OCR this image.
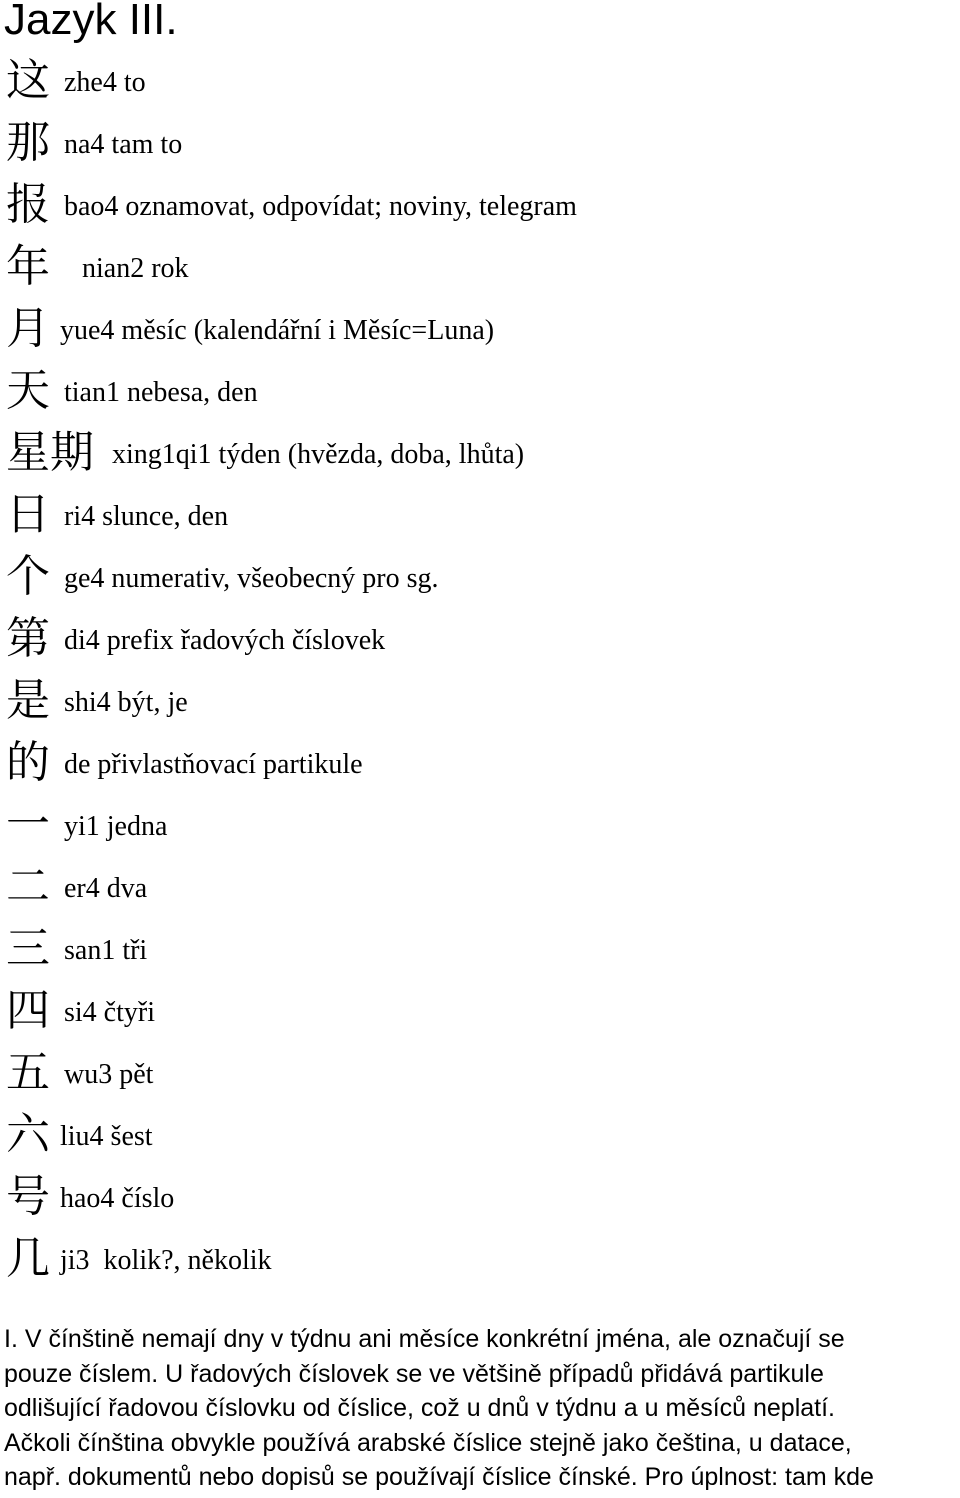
Jazyk III.
这 zhe4 to
那 na4 tam to
报 bao4 oznamovat, odpovídat; noviny, telegram
年 nian2 rok
月 yue4 měsíc (kalendářní i Měsíc=Luna)
天 tian1 nebesa, den
星期 xing1qi1 týden (hvězda, doba, lhůta)
日 ri4 slunce, den
个 ge4 numerativ, všeobecný pro sg.
第 di4 prefix řadových číslovek
是 shi4 být, je
的 de přivlastňovací partikule
一 yi1 jedna
二 er4 dva
三 san1 tři
四 si4 čtyři
五 wu3 pět
六 liu4 šest
号 hao4 číslo
几 ji3  kolik?, několik
I. V čínštině nemají dny v týdnu ani měsíce konkrétní jména, ale označují se
pouze číslem. U řadových číslovek se ve většině případů přidává partikule
odlišující řadovou číslovku od číslice, což u dnů v týdnu a u měsíců neplatí.
Ačkoli čínština obvykle používá arabské číslice stejně jako čeština, u datace,
např. dokumentů nebo dopisů se používají číslice čínské. Pro úplnost: tam kde
